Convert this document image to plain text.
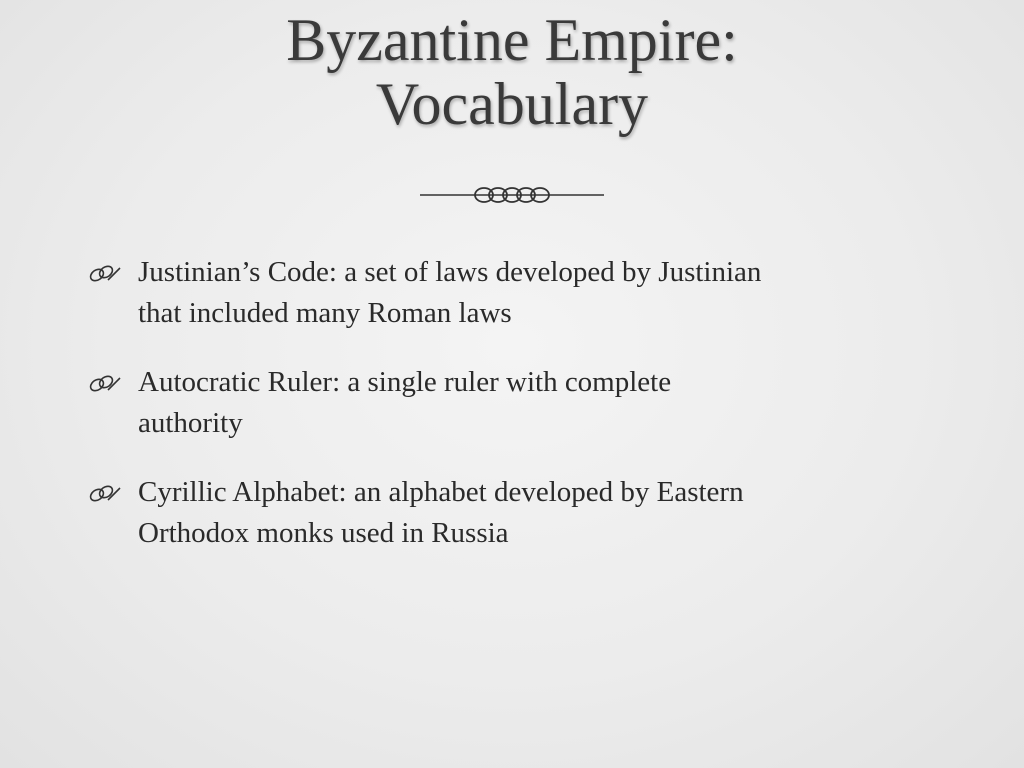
Byzantine Empire:
Vocabulary
Justinian’s Code: a set of laws developed by Justinian
that included many Roman laws
Autocratic Ruler: a single ruler with complete
authority
Cyrillic Alphabet: an alphabet developed by Eastern
Orthodox monks used in Russia
